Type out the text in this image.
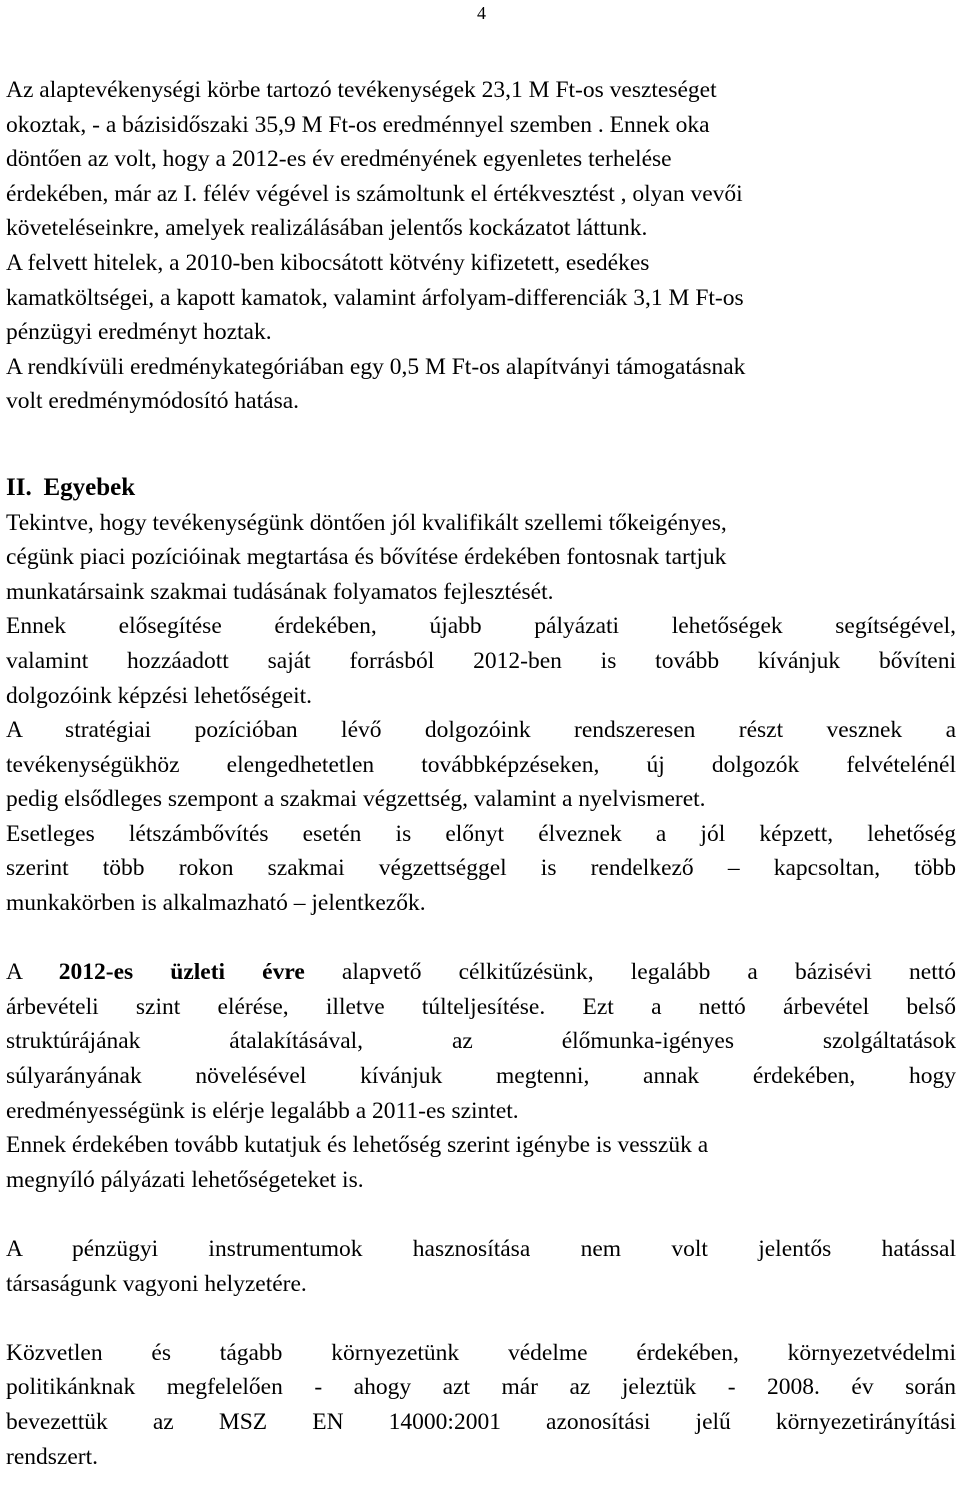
4
Az alaptevékenységi körbe tartozó tevékenységek 23,1 M Ft-os veszteséget
okoztak, - a bázisidőszaki 35,9 M Ft-os eredménnyel szemben . Ennek oka
döntően az volt, hogy a 2012-es év eredményének egyenletes terhelése
érdekében, már az I. félév végével is számoltunk el értékvesztést , olyan vevői
követeléseinkre, amelyek realizálásában jelentős kockázatot láttunk.
A felvett hitelek, a 2010-ben kibocsátott kötvény kifizetett, esedékes
kamatköltségei, a kapott kamatok, valamint árfolyam-differenciák 3,1 M Ft-os
pénzügyi eredményt hoztak.
A rendkívüli eredménykategóriában egy 0,5 M Ft-os alapítványi támogatásnak
volt eredménymódosító hatása.
II. Egyebek
Tekintve, hogy tevékenységünk döntően jól kvalifikált szellemi tőkeigényes,
cégünk piaci pozícióinak megtartása és bővítése érdekében fontosnak tartjuk
munkatársaink szakmai tudásának folyamatos fejlesztését.
Ennek elősegítése érdekében, újabb pályázati lehetőségek segítségével,
valamint hozzáadott saját forrásból 2012-ben is tovább kívánjuk bővíteni
dolgozóink képzési lehetőségeit.
A stratégiai pozícióban lévő dolgozóink rendszeresen részt vesznek a
tevékenységükhöz elengedhetetlen továbbképzéseken, új dolgozók felvételénél
pedig elsődleges szempont a szakmai végzettség, valamint a nyelvismeret.
Esetleges létszámbővítés esetén is előnyt élveznek a jól képzett, lehetőség
szerint több rokon szakmai végzettséggel is rendelkező – kapcsoltan, több
munkakörben is alkalmazható – jelentkezők.
A 2012-es üzleti évre alapvető célkitűzésünk, legalább a bázisévi nettó
árbevételi szint elérése, illetve túlteljesítése. Ezt a nettó árbevétel belső
struktúrájának átalakításával, az élőmunka-igényes szolgáltatások
súlyarányának növelésével kívánjuk megtenni, annak érdekében, hogy
eredményességünk is elérje legalább a 2011-es szintet.
Ennek érdekében tovább kutatjuk és lehetőség szerint igénybe is vesszük a
megnyíló pályázati lehetőségeteket is.
A pénzügyi instrumentumok hasznosítása nem volt jelentős hatással
társaságunk vagyoni helyzetére.
Közvetlen és tágabb környezetünk védelme érdekében, környezetvédelmi
politikánknak megfelelően - ahogy azt már az jeleztük - 2008. év során
bevezettük az MSZ EN 14000:2001 azonosítási jelű környezetirányítási
rendszert.
